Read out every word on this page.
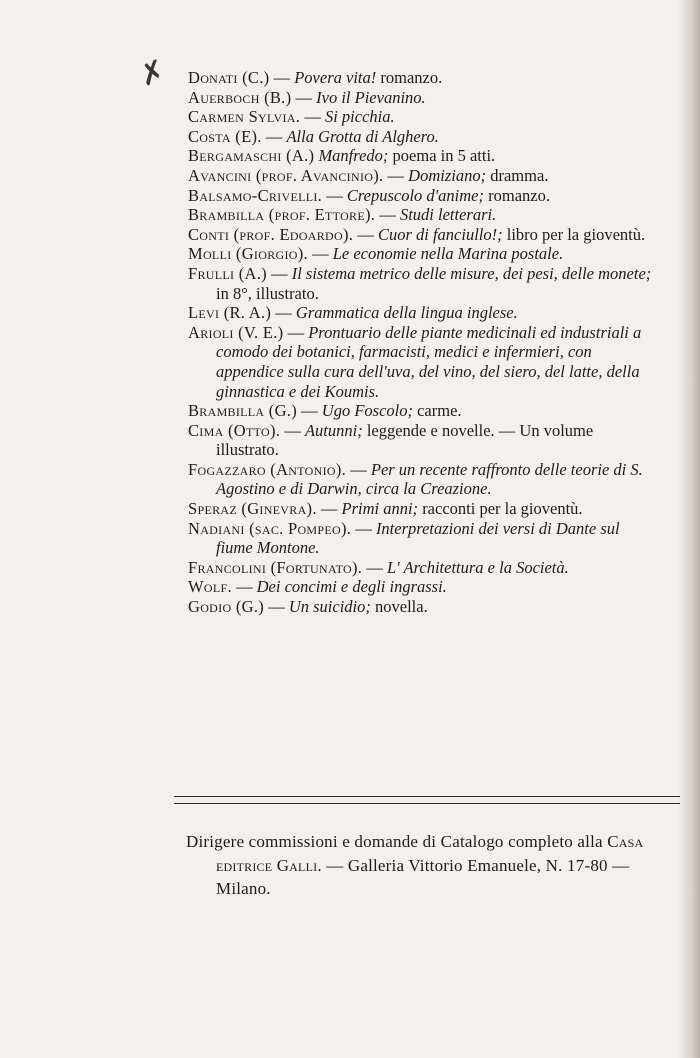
✗ Donati (C.) — Povera vita! romanzo.
Auerboch (B.) — Ivo il Pievanino.
Carmen Sylvia. — Si picchia.
Costa (E). — Alla Grotta di Alghero.
Bergamaschi (A.) Manfredo; poema in 5 atti.
Avancini (prof. Avancinio). — Domiziano; dramma.
Balsamo-Crivelli. — Crepuscolo d'anime; romanzo.
Brambilla (prof. Ettore). — Studi letterari.
Conti (prof. Edoardo). — Cuor di fanciullo!; libro per la gioventù.
Molli (Giorgio). — Le economie nella Marina postale.
Frulli (A.) — Il sistema metrico delle misure, dei pesi, delle monete; in 8°, illustrato.
Levi (R. A.) — Grammatica della lingua inglese.
Arioli (V. E.) — Prontuario delle piante medicinali ed industriali a comodo dei botanici, farmacisti, medici e infermieri, con appendice sulla cura dell'uva, del vino, del siero, del latte, della ginnastica e dei Koumis.
Brambilla (G.) — Ugo Foscolo; carme.
Cima (Otto). — Autunni; leggende e novelle. — Un volume illustrato.
Fogazzaro (Antonio). — Per un recente raffronto delle teorie di S. Agostino e di Darwin, circa la Creazione.
Speraz (Ginevra). — Primi anni; racconti per la gioventù.
Nadiani (sac. Pompeo). — Interpretazioni dei versi di Dante sul fiume Montone.
Francolini (Fortunato). — L' Architettura e la Società.
Wolf. — Dei concimi e degli ingrassi.
Godio (G.) — Un suicidio; novella.
Dirigere commissioni e domande di Catalogo completo alla Casa editrice Galli. — Galleria Vittorio Emanuele, N. 17-80 — Milano.
